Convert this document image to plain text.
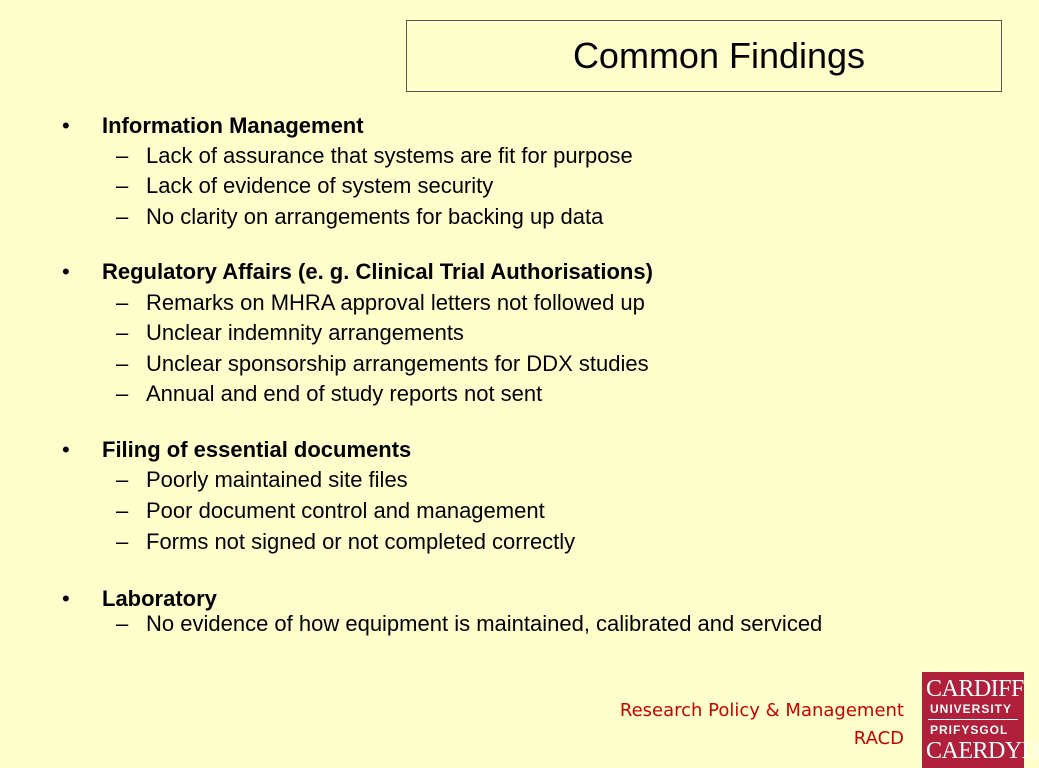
Common Findings
• Information Management
– Lack of assurance that systems are fit for purpose
– Lack of evidence of system security
– No clarity on arrangements for backing up data
• Regulatory Affairs (e. g. Clinical Trial Authorisations)
– Remarks on MHRA approval letters not followed up
– Unclear indemnity arrangements
– Unclear sponsorship arrangements for DDX studies
– Annual and end of study reports not sent
• Filing of essential documents
– Poorly maintained site files
– Poor document control and management
– Forms not signed or not completed correctly
• Laboratory
– No evidence of how equipment is maintained, calibrated and serviced
Research Policy & Management
RACD
CARDIFF
UNIVERSITY
PRIFYSGOL
CAERDYD
